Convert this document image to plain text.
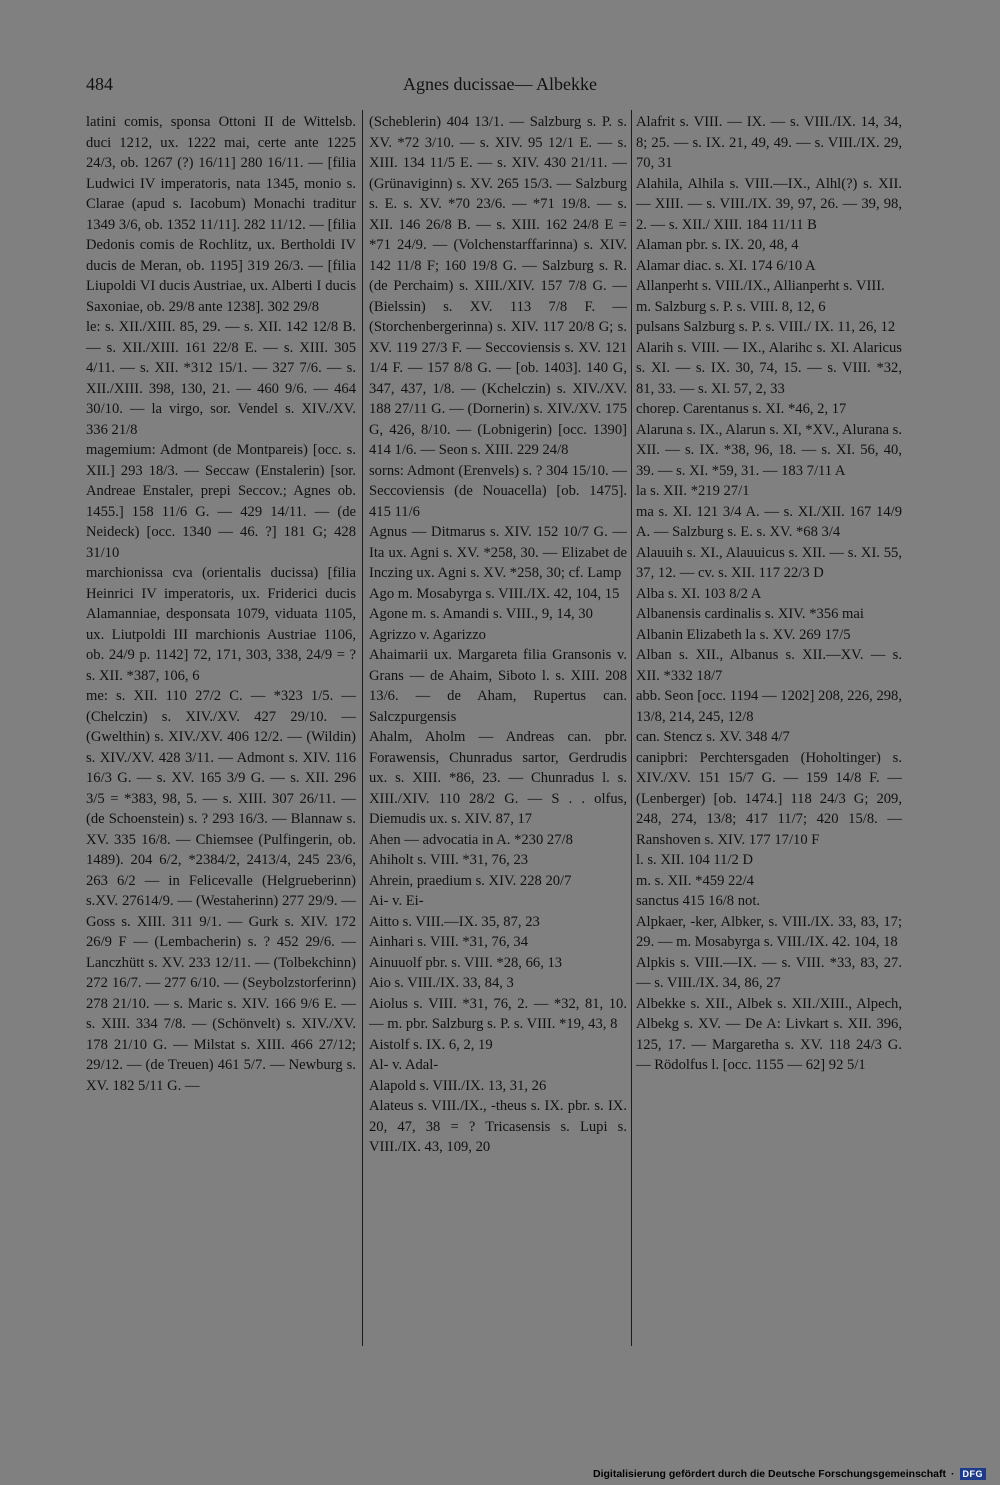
484	Agnes ducissae— Albekke

latini comis, sponsa Ottoni II de Wittelsb. duci 1212, ux. 1222 mai, certe ante 1225 24/3, ob. 1267 (?) 16/11] 280 16/11. — [filia Ludwici IV imperatoris, nata 1345, monio s. Clarae (apud s. Iacobum) Monachi traditur 1349 3/6, ob. 1352 11/11]. 282 11/12. — [filia Dedonis comis de Rochlitz, ux. Bertholdi IV ducis de Meran, ob. 1195] 319 26/3. — [filia Liupoldi VI ducis Austriae, ux. Alberti I ducis Saxoniae, ob. 29/8 ante 1238]. 302 29/8

le: s. XII./XIII. 85, 29. — s. XII. 142 12/8 B. — s. XII./XIII. 161 22/8 E. — s. XIII. 305 4/11. — s. XII. *312 15/1. — 327 7/6. — s. XII./XIII. 398, 130, 21. — 460 9/6. — 464 30/10. — la virgo, sor. Vendel s. XIV./XV. 336 21/8

magemium: Admont (de Montpareis) [occ. s. XII.] 293 18/3. — Seccaw (Enstalerin) [sor. Andreae Enstaler, prepi Seccov.; Agnes ob. 1455.] 158 11/6 G. — 429 14/11. — (de Neideck) [occ. 1340 — 46. ?] 181 G; 428 31/10

marchionissa cva (orientalis ducissa) [filia Heinrici IV imperatoris, ux. Friderici ducis Alamanniae, desponsata 1079, viduata 1105, ux. Liutpoldi III marchionis Austriae 1106, ob. 24/9 p. 1142] 72, 171, 303, 338, 24/9 = ? s. XII. *387, 106, 6

me: s. XII. 110 27/2 C. — *323 1/5. — (Chelczin) s. XIV./XV. 427 29/10. — (Gwelthin) s. XIV./XV. 406 12/2. — (Wildin) s. XIV./XV. 428 3/11. — Admont s. XIV. 116 16/3 G. — s. XV. 165 3/9 G. — s. XII. 296 3/5 = *383, 98, 5. — s. XIII. 307 26/11. — (de Schoenstein) s. ? 293 16/3. — Blannaw s. XV. 335 16/8. — Chiemsee (Pulfingerin, ob. 1489). 204 6/2, *2384/2, 2413/4, 245 23/6, 263 6/2 — in Felicevalle (Helgrueberinn) s.XV. 27614/9. — (Westaherinn) 277 29/9. — Goss s. XIII. 311 9/1. — Gurk s. XIV. 172 26/9 F — (Lembacherin) s. ? 452 29/6. — Lanczhütt s. XV. 233 12/11. — (Tolbekchinn) 272 16/7. — 277 6/10. — (Seybolzstorferinn) 278 21/10. — s. Maric s. XIV. 166 9/6 E. — s. XIII. 334 7/8. — (Schönvelt) s. XIV./XV. 178 21/10 G. — Milstat s. XIII. 466 27/12; 29/12. — (de Treuen) 461 5/7. — Newburg s. XV. 182 5/11 G. —

(Scheblerin) 404 13/1. — Salzburg s. P. s. XV. *72 3/10. — s. XIV. 95 12/1 E. — s. XIII. 134 11/5 E. — s. XIV. 430 21/11. — (Grünaviginn) s. XV. 265 15/3. — Salzburg s. E. s. XV. *70 23/6. — *71 19/8. — s. XII. 146 26/8 B. — s. XIII. 162 24/8 E = *71 24/9. — (Volchenstarffarinna) s. XIV. 142 11/8 F; 160 19/8 G. — Salzburg s. R. (de Perchaim) s. XIII./XIV. 157 7/8 G. — (Bielssin) s. XV. 113 7/8 F. — (Storchenbergerinna) s. XIV. 117 20/8 G; s. XV. 119 27/3 F. — Seccoviensis s. XV. 121 1/4 F. — 157 8/8 G. — [ob. 1403]. 140 G, 347, 437, 1/8. — (Kchelczin) s. XIV./XV. 188 27/11 G. — (Dornerin) s. XIV./XV. 175 G, 426, 8/10. — (Lobnigerin) [occ. 1390] 414 1/6. — Seon s. XIII. 229 24/8

sorns: Admont (Erenvels) s. ? 304 15/10. — Seccoviensis (de Nouacella) [ob. 1475]. 415 11/6

Agnus — Ditmarus s. XIV. 152 10/7 G. — Ita ux. Agni s. XV. *258, 30. — Elizabet de Inczing ux. Agni s. XV. *258, 30; cf. Lamp

Ago m. Mosabyrga s. VIII./IX. 42, 104, 15

Agone m. s. Amandi s. VIII., 9, 14, 30

Agrizzo v. Agarizzo

Ahaimarii ux. Margareta filia Gransonis v. Grans — de Ahaim, Siboto l. s. XIII. 208 13/6. — de Aham, Rupertus can. Salczpurgensis

Ahalm, Aholm — Andreas can. pbr. Forawensis, Chunradus sartor, Gerdrudis ux. s. XIII. *86, 23. — Chunradus l. s. XIII./XIV. 110 28/2 G. — S . . olfus, Diemudis ux. s. XIV. 87, 17

Ahen — advocatia in A. *230 27/8

Ahiholt s. VIII. *31, 76, 23

Ahrein, praedium s. XIV. 228 20/7

Ai- v. Ei-

Aitto s. VIII.—IX. 35, 87, 23

Ainhari s. VIII. *31, 76, 34

Ainuuolf pbr. s. VIII. *28, 66, 13

Aio s. VIII./IX. 33, 84, 3

Aiolus s. VIII. *31, 76, 2. — *32, 81, 10. — m. pbr. Salzburg s. P. s. VIII. *19, 43, 8

Aistolf s. IX. 6, 2, 19

Al- v. Adal-

Alapold s. VIII./IX. 13, 31, 26

Alateus s. VIII./IX., -theus s. IX. pbr. s. IX. 20, 47, 38 = ? Tricasensis s. Lupi s. VIII./IX. 43, 109, 20

Alafrit s. VIII. — IX. — s. VIII./IX. 14, 34, 8; 25. — s. IX. 21, 49, 49. — s. VIII./IX. 29, 70, 31

Alahila, Alhila s. VIII.—IX., Alhl(?) s. XII. — XIII. — s. VIII./IX. 39, 97, 26. — 39, 98, 2. — s. XII./ XIII. 184 11/11 B

Alaman pbr. s. IX. 20, 48, 4

Alamar diac. s. XI. 174 6/10 A

Allanperht s. VIII./IX., Allianperht s. VIII.

m. Salzburg s. P. s. VIII. 8, 12, 6

pulsans Salzburg s. P. s. VIII./ IX. 11, 26, 12

Alarih s. VIII. — IX., Alarihc s. XI. Alaricus s. XI. — s. IX. 30, 74, 15. — s. VIII. *32, 81, 33. — s. XI. 57, 2, 33

chorep. Carentanus s. XI. *46, 2, 17

Alaruna s. IX., Alarun s. XI, *XV., Alurana s. XII. — s. IX. *38, 96, 18. — s. XI. 56, 40, 39. — s. XI. *59, 31. — 183 7/11 A

la s. XII. *219 27/1

ma s. XI. 121 3/4 A. — s. XI./XII. 167 14/9 A. — Salzburg s. E. s. XV. *68 3/4

Alauuih s. XI., Alauuicus s. XII. — s. XI. 55, 37, 12. — cv. s. XII. 117 22/3 D

Alba s. XI. 103 8/2 A

Albanensis cardinalis s. XIV. *356 mai

Albanin Elizabeth la s. XV. 269 17/5

Alban s. XII., Albanus s. XII.—XV. — s. XII. *332 18/7

abb. Seon [occ. 1194 — 1202] 208, 226, 298, 13/8, 214, 245, 12/8

can. Stencz s. XV. 348 4/7

canipbri: Perchtersgaden (Hoholtinger) s. XIV./XV. 151 15/7 G. — 159 14/8 F. — (Lenberger) [ob. 1474.] 118 24/3 G; 209, 248, 274, 13/8; 417 11/7; 420 15/8. — Ranshoven s. XIV. 177 17/10 F

l. s. XII. 104 11/2 D

m. s. XII. *459 22/4

sanctus 415 16/8 not.

Alpkaer, -ker, Albker, s. VIII./IX. 33, 83, 17; 29. — m. Mosabyrga s. VIII./IX. 42. 104, 18

Alpkis s. VIII.—IX. — s. VIII. *33, 83, 27. — s. VIII./IX. 34, 86, 27

Albekke s. XII., Albek s. XII./XIII., Alpech, Albekg s. XV. — De A: Livkart s. XII. 396, 125, 17. — Margaretha s. XV. 118 24/3 G. — Rödolfus l. [occ. 1155 — 62] 92 5/1

Digitalisierung gefördert durch die Deutsche Forschungsgemeinschaft · DFG
